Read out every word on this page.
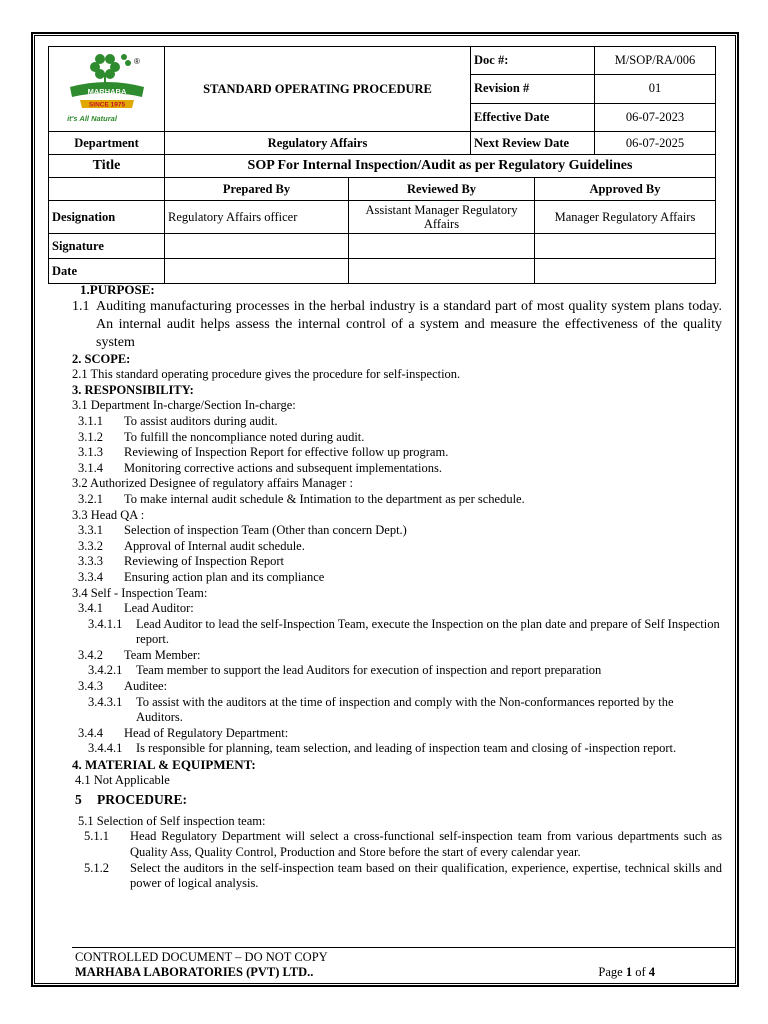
®
MARHABA
SINCE 1975
it's All Natural	STANDARD OPERATING PROCEDURE		Doc #:		M/SOP/RA/006
			Revision #		01
			Effective Date		06-07-2023
Department	Regulatory Affairs		Next Review Date		06-07-2025
Title	SOP For Internal Inspection/Audit as per Regulatory Guidelines				
	Prepared By	Reviewed By		Approved By	
Designation	Regulatory Affairs officer	Assistant Manager Regulatory Affairs		Manager Regulatory Affairs	
Signature					
Date					

1.PURPOSE:

1.1 Auditing manufacturing processes in the herbal industry is a standard part of most quality system plans today. An internal audit helps assess the internal control of a system and measure the effectiveness of the quality system

2. SCOPE:

2.1 This standard operating procedure gives the procedure for self-inspection.

3. RESPONSIBILITY:

3.1 Department In-charge/Section In-charge:

3.1.1	To assist auditors during audit.
3.1.2	To fulfill the noncompliance noted during audit.
3.1.3	Reviewing of Inspection Report for effective follow up program.
3.1.4	Monitoring corrective actions and subsequent implementations.

3.2 Authorized Designee of regulatory affairs Manager :

3.2.1	To make internal audit schedule & Intimation to the department as per schedule.

3.3 Head QA :

3.3.1	Selection of inspection Team (Other than concern Dept.)
3.3.2	Approval of Internal audit schedule.
3.3.3	Reviewing of Inspection Report
3.3.4	Ensuring action plan and its compliance

3.4 Self - Inspection Team:

3.4.1	Lead Auditor:
3.4.1.1	Lead Auditor to lead the self-Inspection Team, execute the Inspection on the plan date and prepare of Self Inspection report.
3.4.2	Team Member:
3.4.2.1	Team member to support the lead Auditors for execution of inspection and report preparation
3.4.3	Auditee:
3.4.3.1	To assist with the auditors at the time of inspection and comply with the Non-conformances reported by the Auditors.
3.4.4	Head of Regulatory Department:
3.4.4.1	Is responsible for planning, team selection, and leading of inspection team and closing of -inspection report.

4. MATERIAL & EQUIPMENT:

4.1 Not Applicable

5	PROCEDURE:

5.1 Selection of Self inspection team:

5.1.1	Head Regulatory Department will select a cross-functional self-inspection team from various departments such as Quality Ass, Quality Control, Production and Store before the start of every calendar year.
5.1.2	Select the auditors in the self-inspection team based on their qualification, experience, expertise, technical skills and power of logical analysis.
CONTROLLED DOCUMENT – DO NOT COPY
MARHABA LABORATORIES (PVT) LTD..	Page 1 of 4
